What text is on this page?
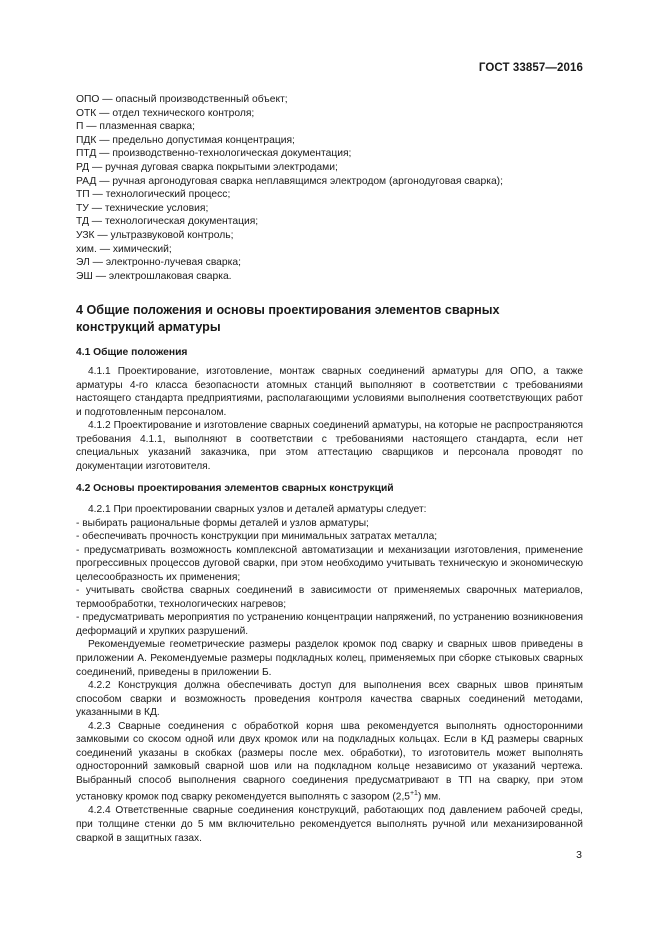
ГОСТ 33857—2016
ОПО — опасный производственный объект;
ОТК — отдел технического контроля;
П — плазменная сварка;
ПДК — предельно допустимая концентрация;
ПТД — производственно-технологическая документация;
РД — ручная дуговая сварка покрытыми электродами;
РАД — ручная аргонодуговая сварка неплавящимся электродом (аргонодуговая сварка);
ТП — технологический процесс;
ТУ — технические условия;
ТД — технологическая документация;
УЗК — ультразвуковой контроль;
хим. — химический;
ЭЛ — электронно-лучевая сварка;
ЭШ — электрошлаковая сварка.
4 Общие положения и основы проектирования элементов сварных конструкций арматуры
4.1 Общие положения

4.1.1 Проектирование, изготовление, монтаж сварных соединений арматуры для ОПО, а также арматуры 4-го класса безопасности атомных станций выполняют в соответствии с требованиями настоящего стандарта предприятиями, располагающими условиями выполнения соответствующих работ и подготовленным персоналом.

4.1.2 Проектирование и изготовление сварных соединений арматуры, на которые не распространяются требования 4.1.1, выполняют в соответствии с требованиями настоящего стандарта, если нет специальных указаний заказчика, при этом аттестацию сварщиков и персонала проводят по документации изготовителя.

4.2 Основы проектирования элементов сварных конструкций

4.2.1 При проектировании сварных узлов и деталей арматуры следует:

- выбирать рациональные формы деталей и узлов арматуры;

- обеспечивать прочность конструкции при минимальных затратах металла;

- предусматривать возможность комплексной автоматизации и механизации изготовления, применение прогрессивных процессов дуговой сварки, при этом необходимо учитывать техническую и экономическую целесообразность их применения;

- учитывать свойства сварных соединений в зависимости от применяемых сварочных материалов, термообработки, технологических нагревов;

- предусматривать мероприятия по устранению концентрации напряжений, по устранению возникновения деформаций и хрупких разрушений.

Рекомендуемые геометрические размеры разделок кромок под сварку и сварных швов приведены в приложении А. Рекомендуемые размеры подкладных колец, применяемых при сборке стыковых сварных соединений, приведены в приложении Б.

4.2.2 Конструкция должна обеспечивать доступ для выполнения всех сварных швов принятым способом сварки и возможность проведения контроля качества сварных соединений методами, указанными в КД.

4.2.3 Сварные соединения с обработкой корня шва рекомендуется выполнять односторонними замковыми со скосом одной или двух кромок или на подкладных кольцах. Если в КД размеры сварных соединений указаны в скобках (размеры после мех. обработки), то изготовитель может выполнять односторонний замковый сварной шов или на подкладном кольце независимо от указаний чертежа. Выбранный способ выполнения сварного соединения предусматривают в ТП на сварку, при этом установку кромок под сварку рекомендуется выполнять с зазором $(2,5^{+1})$ мм.

4.2.4 Ответственные сварные соединения конструкций, работающих под давлением рабочей среды, при толщине стенки до 5 мм включительно рекомендуется выполнять ручной или механизированной сваркой в защитных газах.

3
